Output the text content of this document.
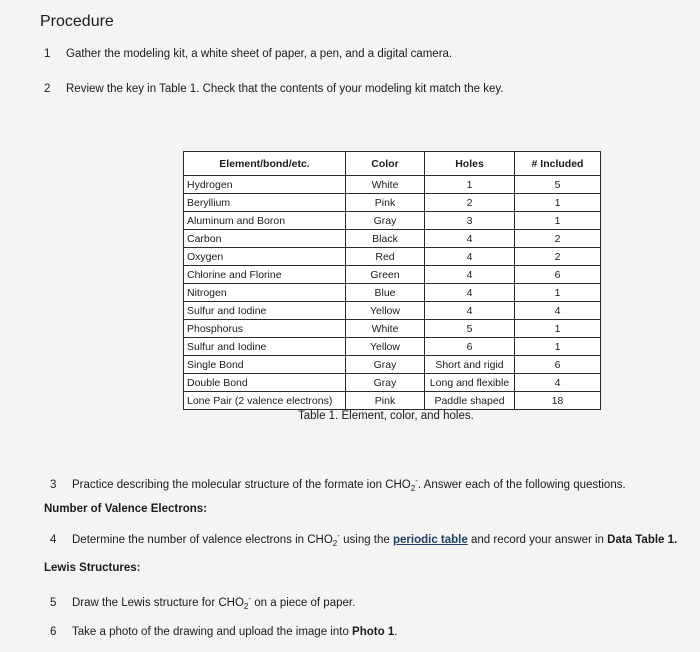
Procedure
1 Gather the modeling kit, a white sheet of paper, a pen, and a digital camera.
2 Review the key in Table 1. Check that the contents of your modeling kit match the key.
Element/bond/etc.	Color	Holes	# Included
Hydrogen	White	1	5
Beryllium	Pink	2	1
Aluminum and Boron	Gray	3	1
Carbon	Black	4	2
Oxygen	Red	4	2
Chlorine and Florine	Green	4	6
Nitrogen	Blue	4	1
Sulfur and Iodine	Yellow	4	4
Phosphorus	White	5	1
Sulfur and Iodine	Yellow	6	1
Single Bond	Gray	Short and rigid	6
Double Bond	Gray	Long and flexible	4
Lone Pair (2 valence electrons)	Pink	Paddle shaped	18
Table 1. Element, color, and holes.
3 Practice describing the molecular structure of the formate ion $CHO_2^-$. Answer each of the following questions.
Number of Valence Electrons:
4 Determine the number of valence electrons in $CHO_2^-$ using the periodic table and record your answer in Data Table 1.
Lewis Structures:
5 Draw the Lewis structure for $CHO_2^-$ on a piece of paper.
6 Take a photo of the drawing and upload the image into Photo 1.
